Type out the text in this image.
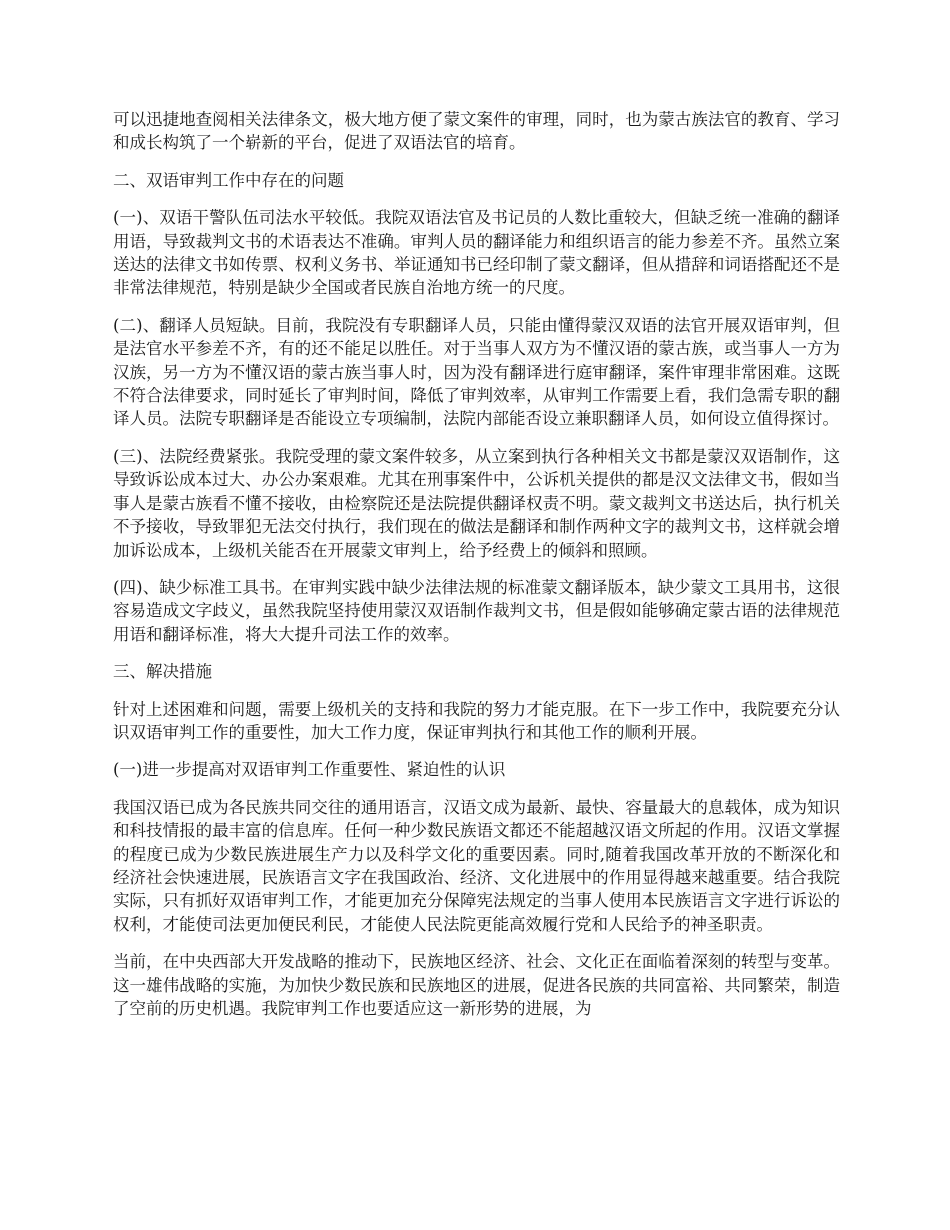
可以迅捷地查阅相关法律条文，极大地方便了蒙文案件的审理，同时，也为蒙古族法官的教育、学习和成长构筑了一个崭新的平台，促进了双语法官的培育。

二、双语审判工作中存在的问题

(一)、双语干警队伍司法水平较低。我院双语法官及书记员的人数比重较大，但缺乏统一准确的翻译用语，导致裁判文书的术语表达不准确。审判人员的翻译能力和组织语言的能力参差不齐。虽然立案送达的法律文书如传票、权利义务书、举证通知书已经印制了蒙文翻译，但从措辞和词语搭配还不是非常法律规范，特别是缺少全国或者民族自治地方统一的尺度。

(二)、翻译人员短缺。目前，我院没有专职翻译人员，只能由懂得蒙汉双语的法官开展双语审判，但是法官水平参差不齐，有的还不能足以胜任。对于当事人双方为不懂汉语的蒙古族，或当事人一方为汉族，另一方为不懂汉语的蒙古族当事人时，因为没有翻译进行庭审翻译，案件审理非常困难。这既不符合法律要求，同时延长了审判时间，降低了审判效率，从审判工作需要上看，我们急需专职的翻译人员。法院专职翻译是否能设立专项编制，法院内部能否设立兼职翻译人员，如何设立值得探讨。

(三)、法院经费紧张。我院受理的蒙文案件较多，从立案到执行各种相关文书都是蒙汉双语制作，这导致诉讼成本过大、办公办案艰难。尤其在刑事案件中，公诉机关提供的都是汉文法律文书，假如当事人是蒙古族看不懂不接收，由检察院还是法院提供翻译权责不明。蒙文裁判文书送达后，执行机关不予接收，导致罪犯无法交付执行，我们现在的做法是翻译和制作两种文字的裁判文书，这样就会增加诉讼成本，上级机关能否在开展蒙文审判上，给予经费上的倾斜和照顾。

(四)、缺少标准工具书。在审判实践中缺少法律法规的标准蒙文翻译版本，缺少蒙文工具用书，这很容易造成文字歧义，虽然我院坚持使用蒙汉双语制作裁判文书，但是假如能够确定蒙古语的法律规范用语和翻译标准，将大大提升司法工作的效率。

三、解决措施

针对上述困难和问题，需要上级机关的支持和我院的努力才能克服。在下一步工作中，我院要充分认识双语审判工作的重要性，加大工作力度，保证审判执行和其他工作的顺利开展。

(一)进一步提高对双语审判工作重要性、紧迫性的认识

我国汉语已成为各民族共同交往的通用语言，汉语文成为最新、最快、容量最大的息载体，成为知识和科技情报的最丰富的信息库。任何一种少数民族语文都还不能超越汉语文所起的作用。汉语文掌握的程度已成为少数民族进展生产力以及科学文化的重要因素。同时,随着我国改革开放的不断深化和经济社会快速进展，民族语言文字在我国政治、经济、文化进展中的作用显得越来越重要。结合我院实际，只有抓好双语审判工作，才能更加充分保障宪法规定的当事人使用本民族语言文字进行诉讼的权利，才能使司法更加便民利民，才能使人民法院更能高效履行党和人民给予的神圣职责。

当前，在中央西部大开发战略的推动下，民族地区经济、社会、文化正在面临着深刻的转型与变革。这一雄伟战略的实施，为加快少数民族和民族地区的进展，促进各民族的共同富裕、共同繁荣，制造了空前的历史机遇。我院审判工作也要适应这一新形势的进展，为
